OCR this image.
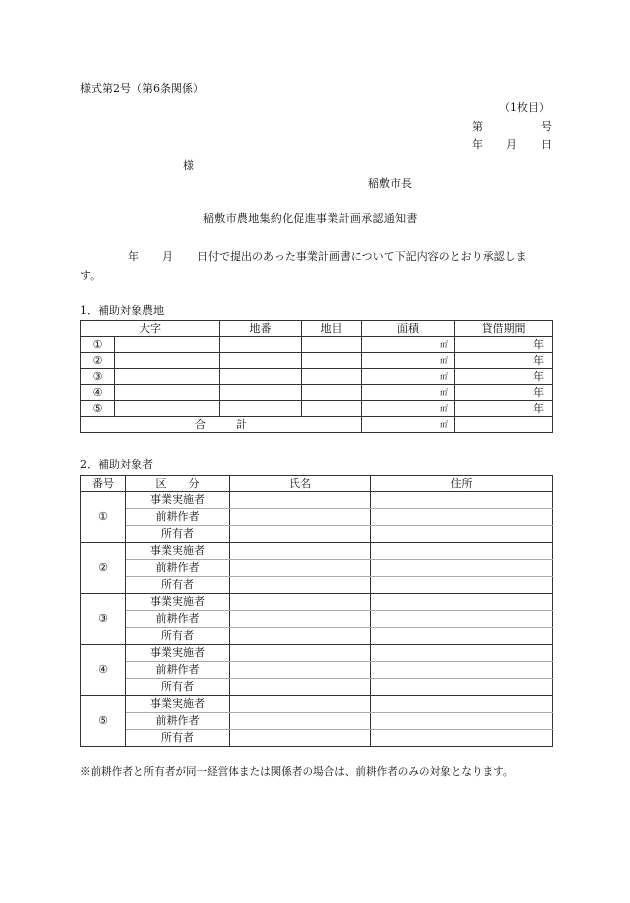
様式第2号（第6条関係）
（1枚目）
第	号
年 月 日
様
稲敷市長
稲敷市農地集約化促進事業計画承認通知書
年 月 日付で提出のあった事業計画書について下記内容のとおり承認しま
す。
1．補助対象農地
大字		地番	地目	面積	貸借期間
①				㎡	年
②				㎡	年
③				㎡	年
④				㎡	年
⑤				㎡	年
合 計				㎡	
2．補助対象者
番号	区　　分	氏名	住所
①	事業実施者		
	前耕作者		
	所有者		
②	事業実施者		
	前耕作者		
	所有者		
③	事業実施者		
	前耕作者		
	所有者		
④	事業実施者		
	前耕作者		
	所有者		
⑤	事業実施者		
	前耕作者		
	所有者		
※前耕作者と所有者が同一経営体または関係者の場合は、前耕作者のみの対象となります。
